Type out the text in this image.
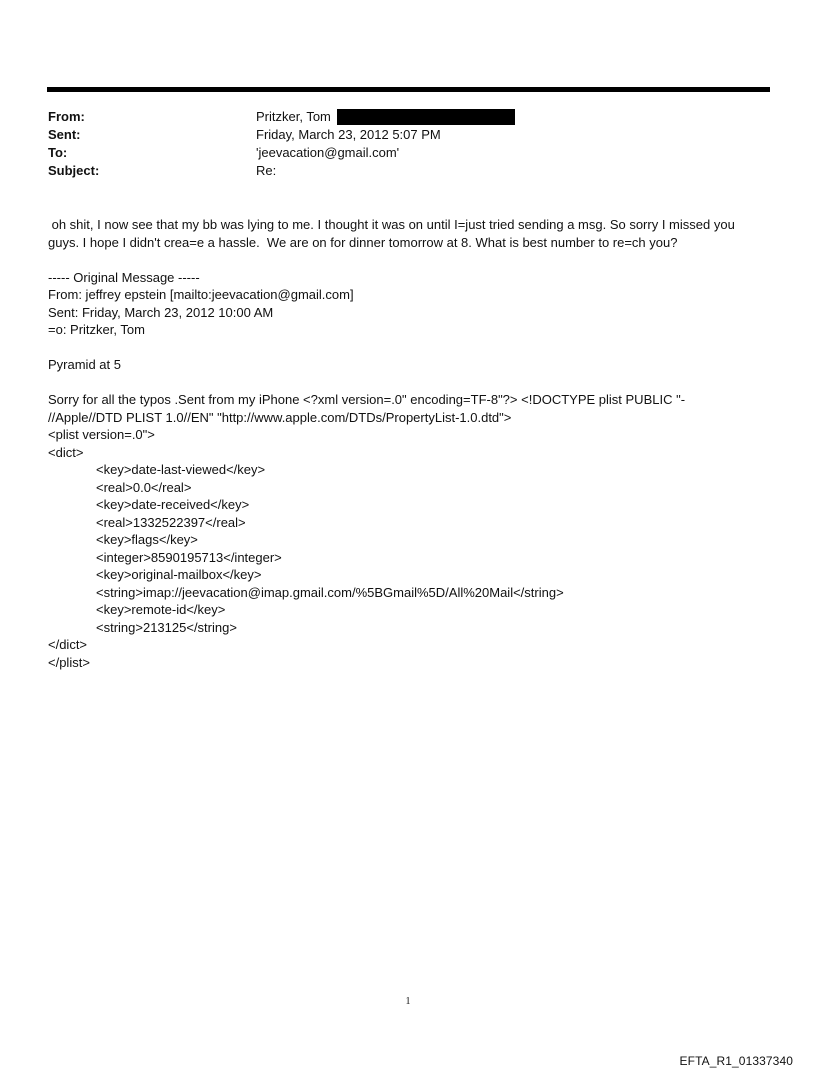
From:	Pritzker, Tom
Sent:	Friday, March 23, 2012 5:07 PM
To:	'jeevacation@gmail.com'
Subject:	Re:
oh shit, I now see that my bb was lying to me. I thought it was on until I=just tried sending a msg. So sorry I missed you
guys. I hope I didn't crea=e a hassle.  We are on for dinner tomorrow at 8. What is best number to re=ch you?
----- Original Message -----
From: jeffrey epstein [mailto:jeevacation@gmail.com]
Sent: Friday, March 23, 2012 10:00 AM
=o: Pritzker, Tom
Pyramid at 5
Sorry for all the typos .Sent from my iPhone <?xml version=.0" encoding=TF-8"?> <!DOCTYPE plist PUBLIC "-
//Apple//DTD PLIST 1.0//EN" "http://www.apple.com/DTDs/PropertyList-1.0.dtd">
<plist version=.0">
<dict>
<key>date-last-viewed</key>
<real>0.0</real>
<key>date-received</key>
<real>1332522397</real>
<key>flags</key>
<integer>8590195713</integer>
<key>original-mailbox</key>
<string>imap://jeevacation@imap.gmail.com/%5BGmail%5D/All%20Mail</string>
<key>remote-id</key>
<string>213125</string>
</dict>
</plist>
1
EFTA_R1_01337340
